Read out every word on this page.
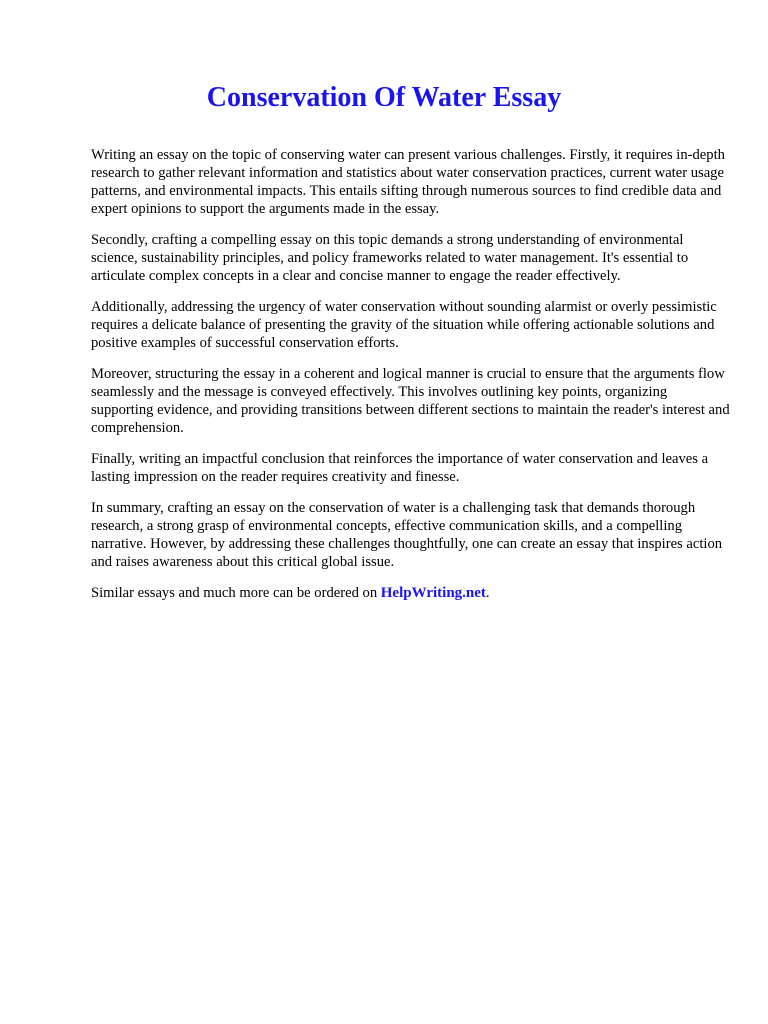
Conservation Of Water Essay

Writing an essay on the topic of conserving water can present various challenges. Firstly, it requires in-depth research to gather relevant information and statistics about water conservation practices, current water usage patterns, and environmental impacts. This entails sifting through numerous sources to find credible data and expert opinions to support the arguments made in the essay.

Secondly, crafting a compelling essay on this topic demands a strong understanding of environmental science, sustainability principles, and policy frameworks related to water management. It's essential to articulate complex concepts in a clear and concise manner to engage the reader effectively.

Additionally, addressing the urgency of water conservation without sounding alarmist or overly pessimistic requires a delicate balance of presenting the gravity of the situation while offering actionable solutions and positive examples of successful conservation efforts.

Moreover, structuring the essay in a coherent and logical manner is crucial to ensure that the arguments flow seamlessly and the message is conveyed effectively. This involves outlining key points, organizing supporting evidence, and providing transitions between different sections to maintain the reader's interest and comprehension.

Finally, writing an impactful conclusion that reinforces the importance of water conservation and leaves a lasting impression on the reader requires creativity and finesse.

In summary, crafting an essay on the conservation of water is a challenging task that demands thorough research, a strong grasp of environmental concepts, effective communication skills, and a compelling narrative. However, by addressing these challenges thoughtfully, one can create an essay that inspires action and raises awareness about this critical global issue.

Similar essays and much more can be ordered on HelpWriting.net.
